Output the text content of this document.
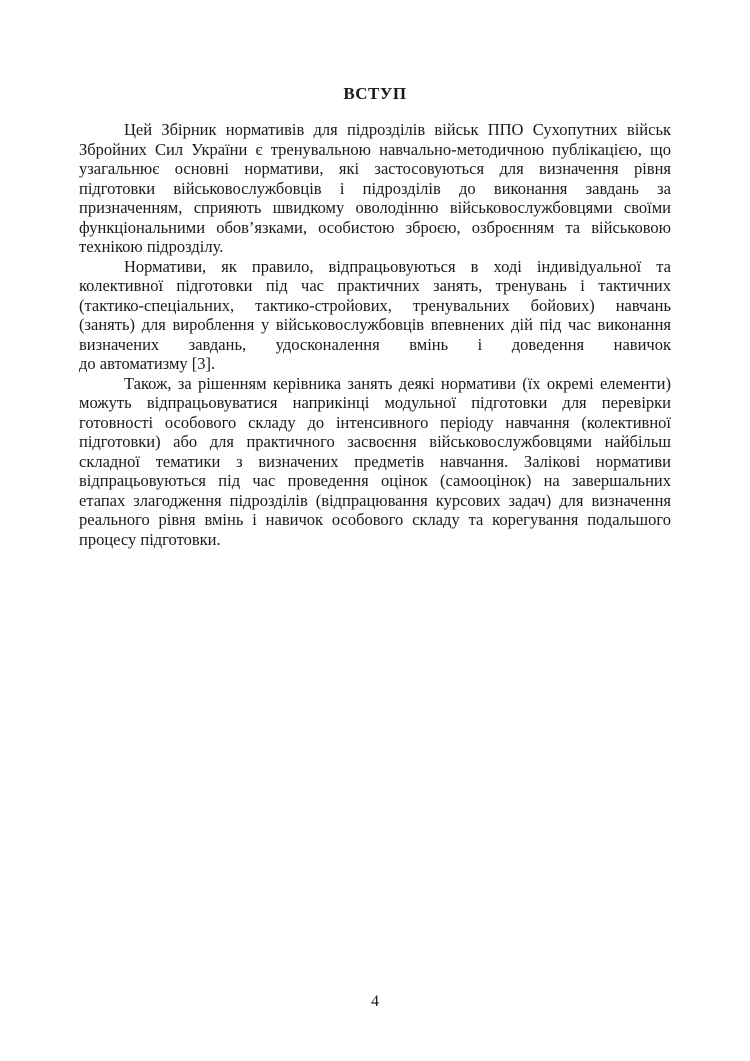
ВСТУП
Цей Збірник нормативів для підрозділів військ ППО Сухопутних військ
Збройних Сил України є тренувальною навчально-методичною публікацією, що
узагальнює основні нормативи, які застосовуються для визначення рівня
підготовки військовослужбовців і підрозділів до виконання завдань за
призначенням, сприяють швидкому оволодінню військовослужбовцями своїми
функціональними обов’язками, особистою зброєю, озброєнням та військовою
технікою підрозділу.
Нормативи, як правило, відпрацьовуються в ході індивідуальної та
колективної підготовки під час практичних занять, тренувань і тактичних
(тактико-спеціальних, тактико-стройових, тренувальних бойових) навчань
(занять) для вироблення у військовослужбовців впевнених дій під час виконання
визначених завдань, удосконалення вмінь і доведення навичок
до автоматизму [3].
Також, за рішенням керівника занять деякі нормативи (їх окремі елементи)
можуть відпрацьовуватися наприкінці модульної підготовки для перевірки
готовності особового складу до інтенсивного періоду навчання (колективної
підготовки) або для практичного засвоєння військовослужбовцями найбільш
складної тематики з визначених предметів навчання. Залікові нормативи
відпрацьовуються під час проведення оцінок (самооцінок) на завершальних
етапах злагодження підрозділів (відпрацювання курсових задач) для визначення
реального рівня вмінь і навичок особового складу та корегування подальшого
процесу підготовки.
4
